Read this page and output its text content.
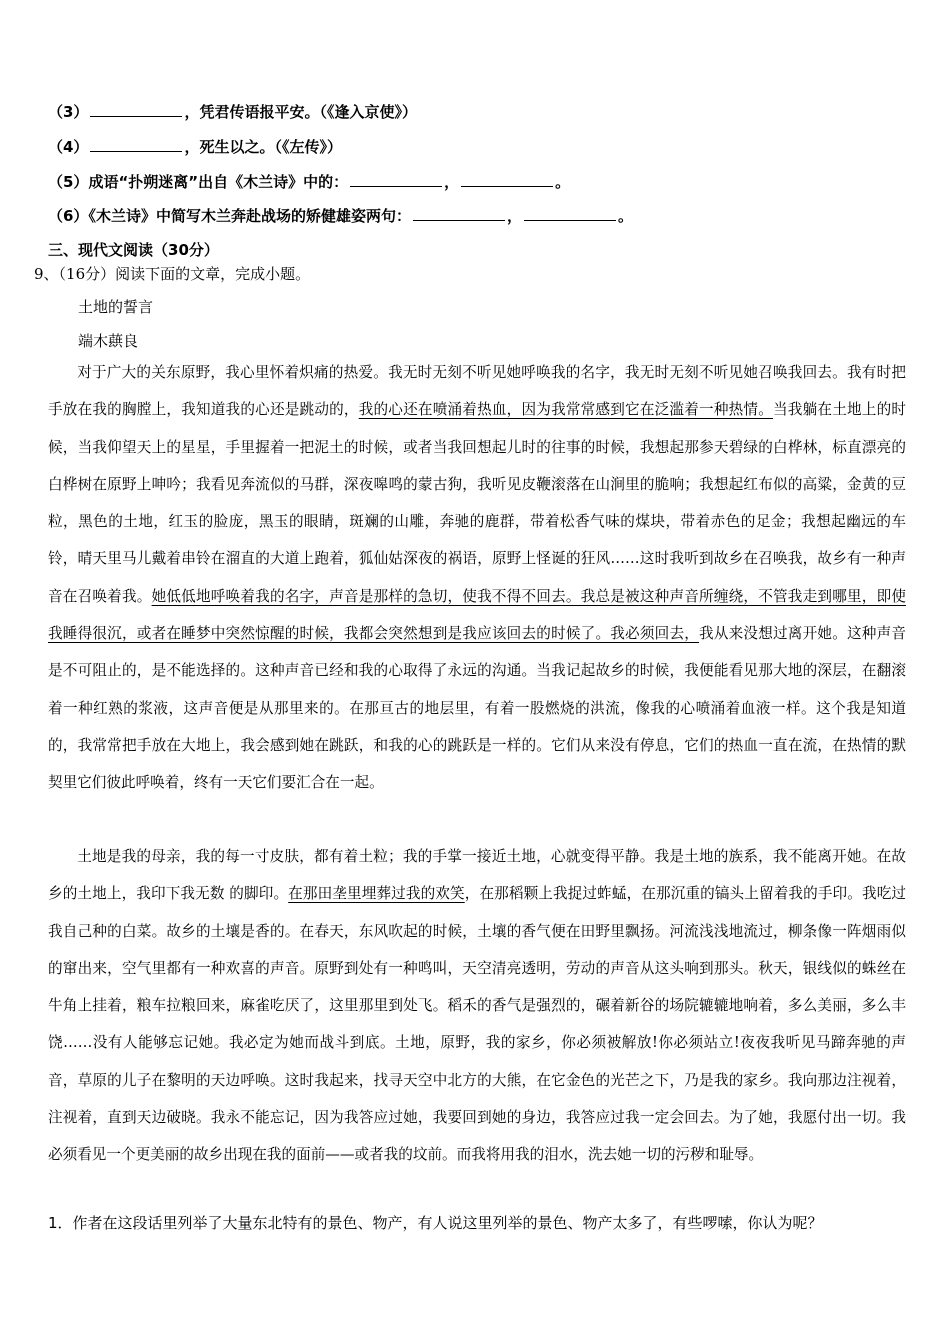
（3）	，凭君传语报平安。（《逢入京使》）
（4）	，死生以之。（《左传》）
（5）成语“扑朔迷离”出自《木兰诗》中的：	，	。
（6）《木兰诗》中简写木兰奔赴战场的矫健雄姿两句：	，	。
三、现代文阅读（30分）
9、（16分）阅读下面的文章，完成小题。
土地的誓言
端木蕻良
对于广大的关东原野，我心里怀着炽痛的热爱。我无时无刻不听见她呼唤我的名字，我无时无刻不听见她召唤我回去。我有时把手放在我的胸膛上，我知道我的心还是跳动的，我的心还在喷涌着热血，因为我常常感到它在泛滥着一种热情。当我躺在土地上的时候，当我仰望天上的星星，手里握着一把泥土的时候，或者当我回想起儿时的往事的时候，我想起那参天碧绿的白桦林，标直漂亮的白桦树在原野上呻吟；我看见奔流似的马群，深夜嗥鸣的蒙古狗，我听见皮鞭滚落在山涧里的脆响；我想起红布似的高粱，金黄的豆粒，黑色的土地，红玉的脸庞，黑玉的眼睛，斑斓的山雕，奔驰的鹿群，带着松香气味的煤块，带着赤色的足金；我想起幽远的车铃，晴天里马儿戴着串铃在溜直的大道上跑着，狐仙姑深夜的祸语，原野上怪诞的狂风……这时我听到故乡在召唤我，故乡有一种声音在召唤着我。她低低地呼唤着我的名字，声音是那样的急切，使我不得不回去。我总是被这种声音所缠绕，不管我走到哪里，即使我睡得很沉，或者在睡梦中突然惊醒的时候，我都会突然想到是我应该回去的时候了。我必须回去，我从来没想过离开她。这种声音是不可阻止的，是不能选择的。这种声音已经和我的心取得了永远的沟通。当我记起故乡的时候，我便能看见那大地的深层，在翻滚着一种红熟的浆液，这声音便是从那里来的。在那亘古的地层里，有着一股燃烧的洪流，像我的心喷涌着血液一样。这个我是知道的，我常常把手放在大地上，我会感到她在跳跃，和我的心的跳跃是一样的。它们从来没有停息，它们的热血一直在流，在热情的默契里它们彼此呼唤着，终有一天它们要汇合在一起。
土地是我的母亲，我的每一寸皮肤，都有着土粒；我的手掌一接近土地，心就变得平静。我是土地的族系，我不能离开她。在故乡的土地上，我印下我无数 的脚印。在那田垄里埋葬过我的欢笑，在那稻颗上我捉过蚱蜢，在那沉重的镐头上留着我的手印。我吃过我自己种的白菜。故乡的土壤是香的。在春天，东风吹起的时候，土壤的香气便在田野里飘扬。河流浅浅地流过，柳条像一阵烟雨似的窜出来，空气里都有一种欢喜的声音。原野到处有一种鸣叫，天空清亮透明，劳动的声音从这头响到那头。秋天，银线似的蛛丝在牛角上挂着，粮车拉粮回来，麻雀吃厌了，这里那里到处飞。稻禾的香气是强烈的，碾着新谷的场院辘辘地响着，多么美丽，多么丰饶……没有人能够忘记她。我必定为她而战斗到底。土地，原野，我的家乡，你必须被解放!你必须站立!夜夜我听见马蹄奔驰的声音，草原的儿子在黎明的天边呼唤。这时我起来，找寻天空中北方的大熊，在它金色的光芒之下，乃是我的家乡。我向那边注视着，注视着，直到天边破晓。我永不能忘记，因为我答应过她，我要回到她的身边，我答应过我一定会回去。为了她，我愿付出一切。我必须看见一个更美丽的故乡出现在我的面前——或者我的坟前。而我将用我的泪水，洗去她一切的污秽和耻辱。
1．作者在这段话里列举了大量东北特有的景色、物产，有人说这里列举的景色、物产太多了，有些啰嗦，你认为呢？
